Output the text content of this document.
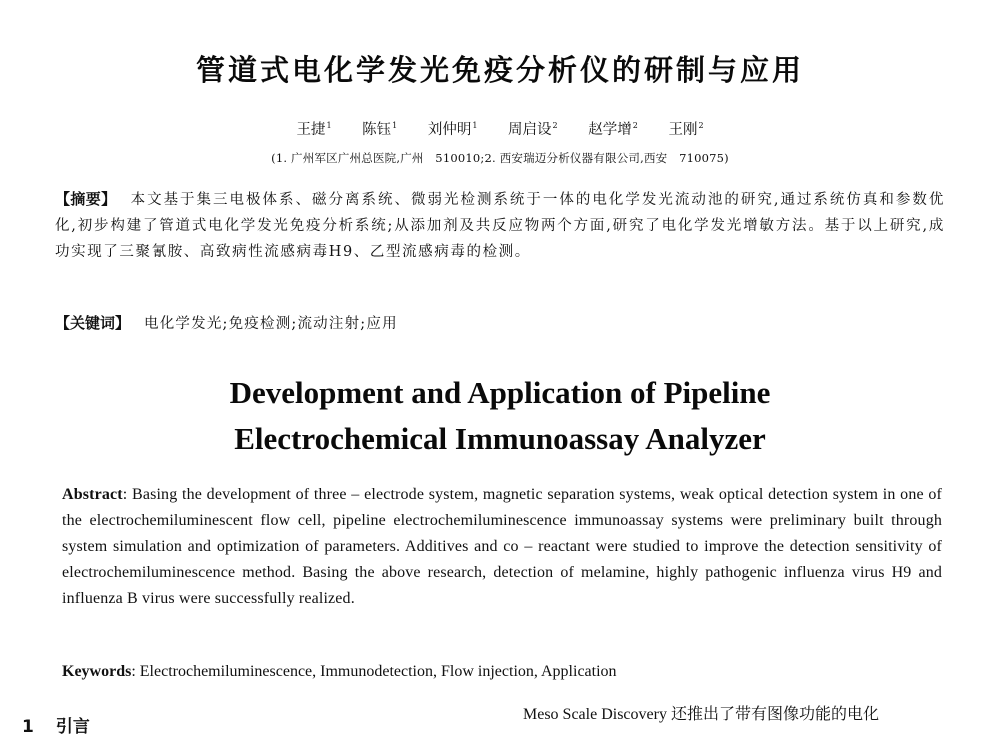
管道式电化学发光免疫分析仪的研制与应用
王捷$^1$ 陈钰$^1$ 刘仲明$^1$ 周启设$^2$ 赵学增$^2$ 王刚$^2$
(1. 广州军区广州总医院,广州　510010;2. 西安瑞迈分析仪器有限公司,西安　710075)
【摘要】 本文基于集三电极体系、磁分离系统、微弱光检测系统于一体的电化学发光流动池的研究,通过系统仿真和参数优化,初步构建了管道式电化学发光免疫分析系统;从添加剂及共反应物两个方面,研究了电化学发光增敏方法。基于以上研究,成功实现了三聚氰胺、高致病性流感病毒H9、乙型流感病毒的检测。
【关键词】 电化学发光;免疫检测;流动注射;应用
Development and Application of Pipeline
Electrochemical Immunoassay Analyzer
Abstract: Basing the development of three – electrode system, magnetic separation systems, weak optical detection system in one of the electrochemiluminescent flow cell, pipeline electrochemiluminescence immunoassay systems were preliminary built through system simulation and optimization of parameters. Additives and co – reactant were studied to improve the detection sensitivity of electrochemiluminescence method. Basing the above research, detection of melamine, highly pathogenic influenza virus H9 and influenza B virus were successfully realized.
Keywords: Electrochemiluminescence, Immunodetection, Flow injection, Application
1 引言
Meso Scale Discovery 还推出了带有图像功能的电化
